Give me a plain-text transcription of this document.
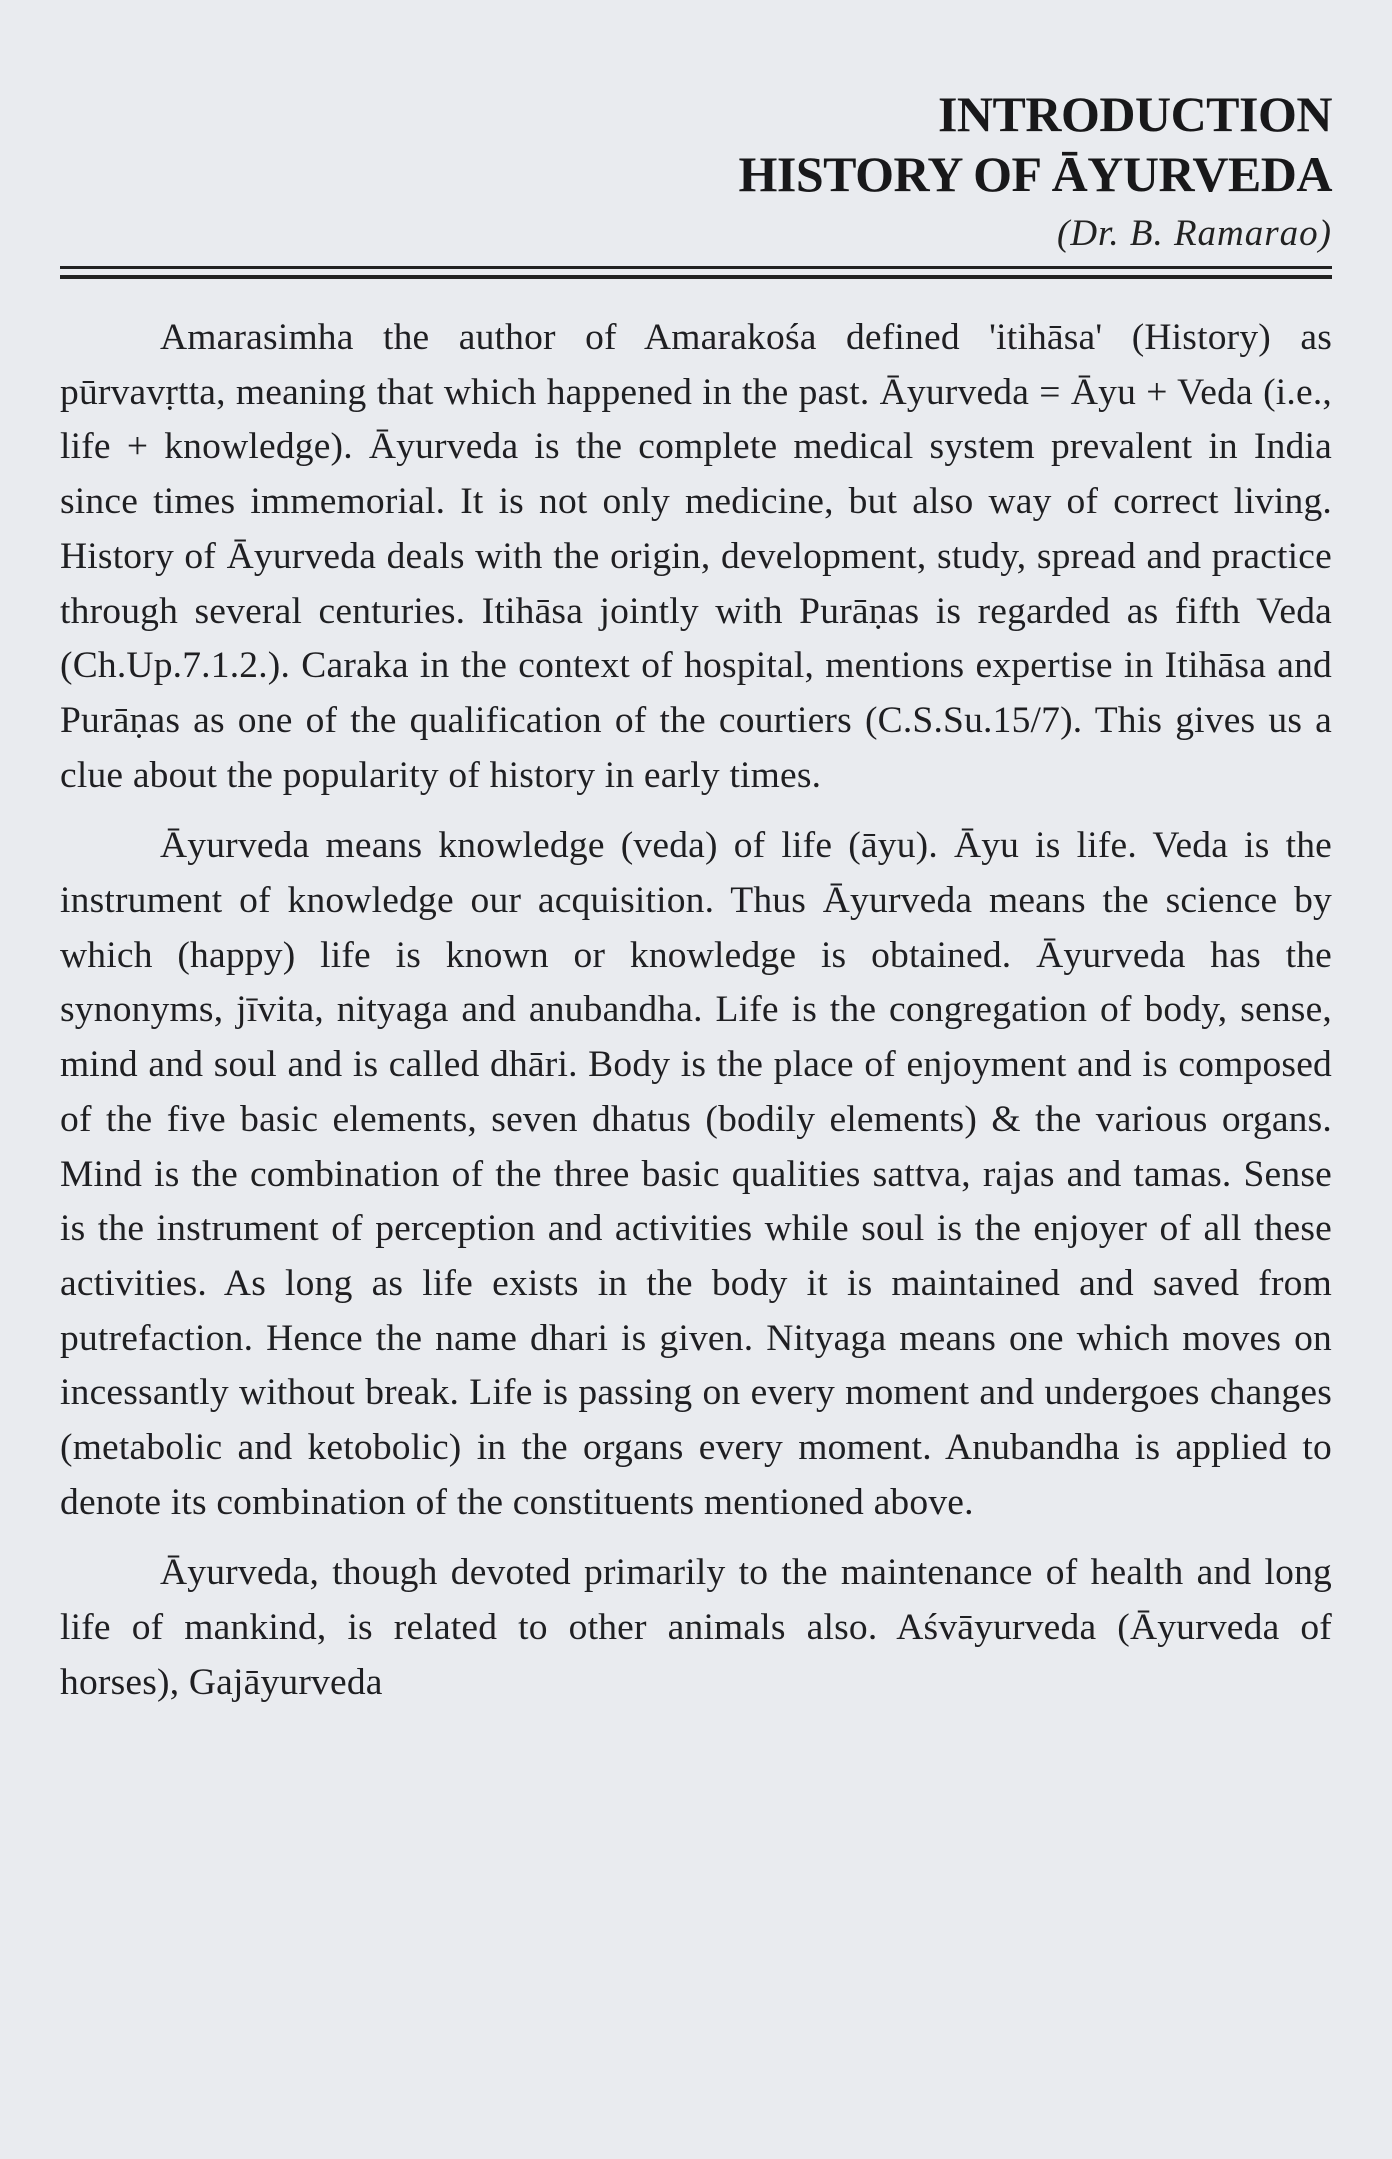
INTRODUCTION
HISTORY OF ĀYURVEDA
(Dr. B. Ramarao)

Amarasimha the author of Amarakośa defined 'itihāsa' (History) as pūrvavṛtta, meaning that which happened in the past. Āyurveda = Āyu + Veda (i.e., life + knowledge). Āyurveda is the complete medical system prevalent in India since times immemorial. It is not only medicine, but also way of correct living. History of Āyurveda deals with the origin, development, study, spread and practice through several centuries. Itihāsa jointly with Purāṇas is regarded as fifth Veda (Ch.Up.7.1.2.). Caraka in the context of hospital, mentions expertise in Itihāsa and Purāṇas as one of the qualification of the courtiers (C.S.Su.15/7). This gives us a clue about the popularity of history in early times.

Āyurveda means knowledge (veda) of life (āyu). Āyu is life. Veda is the instrument of knowledge our acquisition. Thus Āyurveda means the science by which (happy) life is known or knowledge is obtained. Āyurveda has the synonyms, jīvita, nityaga and anubandha. Life is the congregation of body, sense, mind and soul and is called dhāri. Body is the place of enjoyment and is composed of the five basic elements, seven dhatus (bodily elements) & the various organs. Mind is the combination of the three basic qualities sattva, rajas and tamas. Sense is the instrument of perception and activities while soul is the enjoyer of all these activities. As long as life exists in the body it is maintained and saved from putrefaction. Hence the name dhari is given. Nityaga means one which moves on incessantly without break. Life is passing on every moment and undergoes changes (metabolic and ketobolic) in the organs every moment. Anubandha is applied to denote its combination of the constituents mentioned above.

Āyurveda, though devoted primarily to the maintenance of health and long life of mankind, is related to other animals also. Aśvāyurveda (Āyurveda of horses), Gajāyurveda
